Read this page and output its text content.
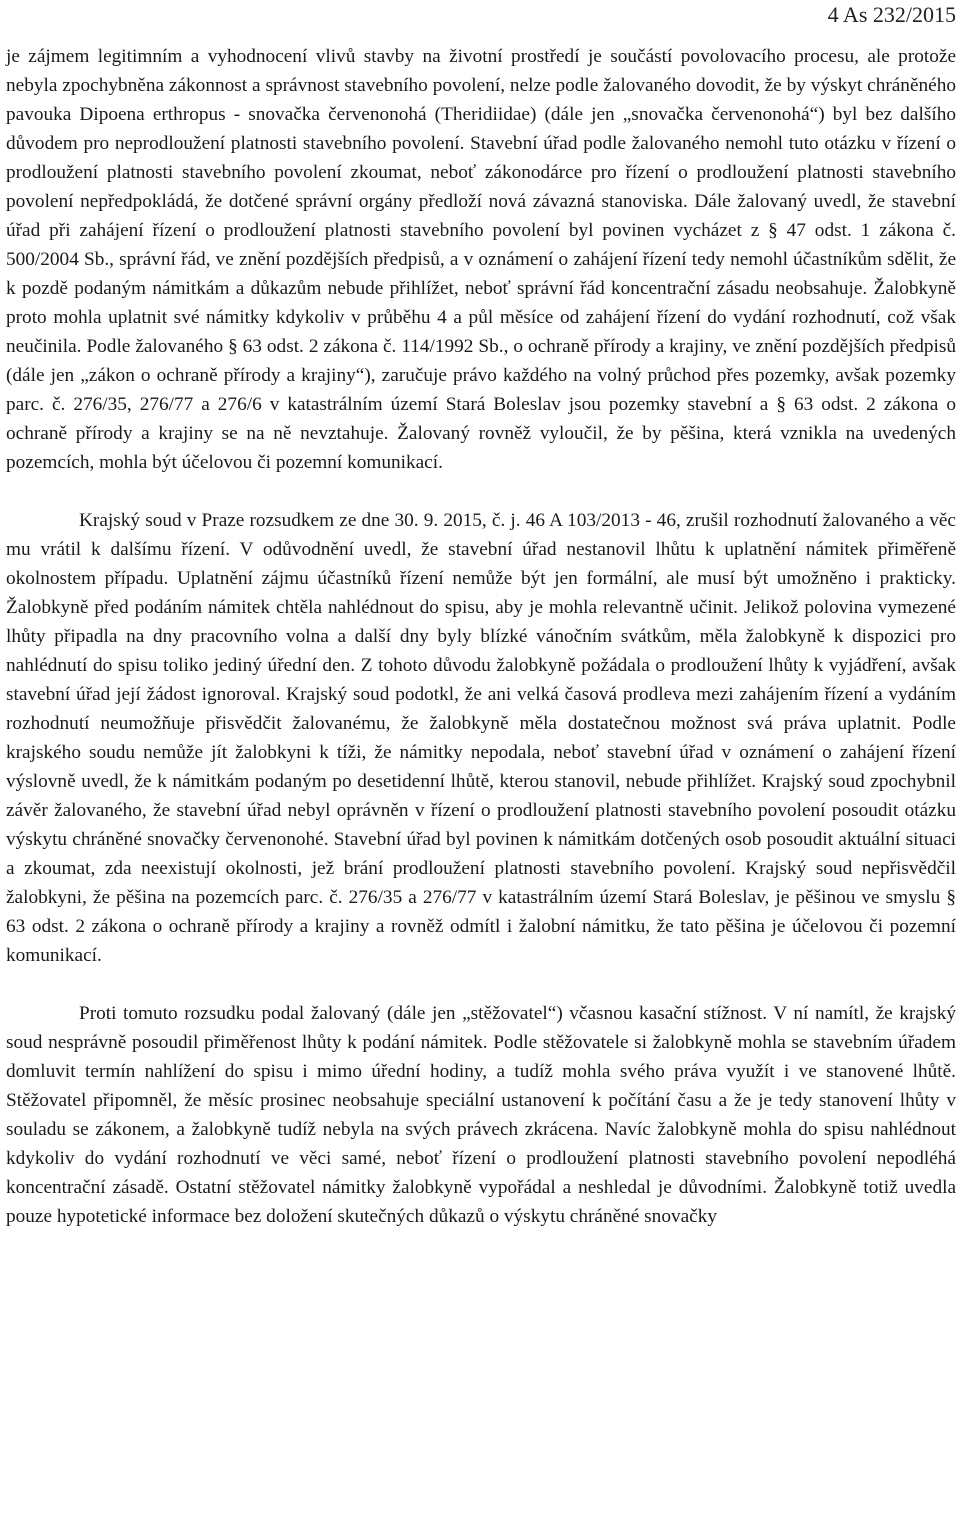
4 As 232/2015

je zájmem legitimním a vyhodnocení vlivů stavby na životní prostředí je součástí povolovacího procesu, ale protože nebyla zpochybněna zákonnost a správnost stavebního povolení, nelze podle žalovaného dovodit, že by výskyt chráněného pavouka Dipoena erthropus - snovačka červenonohá (Theridiidae) (dále jen „snovačka červenonohá“) byl bez dalšího důvodem pro neprodloužení platnosti stavebního povolení. Stavební úřad podle žalovaného nemohl tuto otázku v řízení o prodloužení platnosti stavebního povolení zkoumat, neboť zákonodárce pro řízení o prodloužení platnosti stavebního povolení nepředpokládá, že dotčené správní orgány předloží nová závazná stanoviska. Dále žalovaný uvedl, že stavební úřad při zahájení řízení o prodloužení platnosti stavebního povolení byl povinen vycházet z § 47 odst. 1 zákona č. 500/2004 Sb., správní řád, ve znění pozdějších předpisů, a v oznámení o zahájení řízení tedy nemohl účastníkům sdělit, že k pozdě podaným námitkám a důkazům nebude přihlížet, neboť správní řád koncentrační zásadu neobsahuje. Žalobkyně proto mohla uplatnit své námitky kdykoliv v průběhu 4 a půl měsíce od zahájení řízení do vydání rozhodnutí, což však neučinila. Podle žalovaného § 63 odst. 2 zákona č. 114/1992 Sb., o ochraně přírody a krajiny, ve znění pozdějších předpisů (dále jen „zákon o ochraně přírody a krajiny“), zaručuje právo každého na volný průchod přes pozemky, avšak pozemky parc. č. 276/35, 276/77 a 276/6 v katastrálním území Stará Boleslav jsou pozemky stavební a § 63 odst. 2 zákona o ochraně přírody a krajiny se na ně nevztahuje. Žalovaný rovněž vyloučil, že by pěšina, která vznikla na uvedených pozemcích, mohla být účelovou či pozemní komunikací.

Krajský soud v Praze rozsudkem ze dne 30. 9. 2015, č. j. 46 A 103/2013 - 46, zrušil rozhodnutí žalovaného a věc mu vrátil k dalšímu řízení. V odůvodnění uvedl, že stavební úřad nestanovil lhůtu k uplatnění námitek přiměřeně okolnostem případu. Uplatnění zájmu účastníků řízení nemůže být jen formální, ale musí být umožněno i prakticky. Žalobkyně před podáním námitek chtěla nahlédnout do spisu, aby je mohla relevantně učinit. Jelikož polovina vymezené lhůty připadla na dny pracovního volna a další dny byly blízké vánočním svátkům, měla žalobkyně k dispozici pro nahlédnutí do spisu toliko jediný úřední den. Z tohoto důvodu žalobkyně požádala o prodloužení lhůty k vyjádření, avšak stavební úřad její žádost ignoroval. Krajský soud podotkl, že ani velká časová prodleva mezi zahájením řízení a vydáním rozhodnutí neumožňuje přisvědčit žalovanému, že žalobkyně měla dostatečnou možnost svá práva uplatnit. Podle krajského soudu nemůže jít žalobkyni k tíži, že námitky nepodala, neboť stavební úřad v oznámení o zahájení řízení výslovně uvedl, že k námitkám podaným po desetidenní lhůtě, kterou stanovil, nebude přihlížet. Krajský soud zpochybnil závěr žalovaného, že stavební úřad nebyl oprávněn v řízení o prodloužení platnosti stavebního povolení posoudit otázku výskytu chráněné snovačky červenonohé. Stavební úřad byl povinen k námitkám dotčených osob posoudit aktuální situaci a zkoumat, zda neexistují okolnosti, jež brání prodloužení platnosti stavebního povolení. Krajský soud nepřisvědčil žalobkyni, že pěšina na pozemcích parc. č. 276/35 a 276/77 v katastrálním území Stará Boleslav, je pěšinou ve smyslu § 63 odst. 2 zákona o ochraně přírody a krajiny a rovněž odmítl i žalobní námitku, že tato pěšina je účelovou či pozemní komunikací.

Proti tomuto rozsudku podal žalovaný (dále jen „stěžovatel“) včasnou kasační stížnost. V ní namítl, že krajský soud nesprávně posoudil přiměřenost lhůty k podání námitek. Podle stěžovatele si žalobkyně mohla se stavebním úřadem domluvit termín nahlížení do spisu i mimo úřední hodiny, a tudíž mohla svého práva využít i ve stanovené lhůtě. Stěžovatel připomněl, že měsíc prosinec neobsahuje speciální ustanovení k počítání času a že je tedy stanovení lhůty v souladu se zákonem, a žalobkyně tudíž nebyla na svých právech zkrácena. Navíc žalobkyně mohla do spisu nahlédnout kdykoliv do vydání rozhodnutí ve věci samé, neboť řízení o prodloužení platnosti stavebního povolení nepodléhá koncentrační zásadě. Ostatní stěžovatel námitky žalobkyně vypořádal a neshledal je důvodními. Žalobkyně totiž uvedla pouze hypotetické informace bez doložení skutečných důkazů o výskytu chráněné snovačky
